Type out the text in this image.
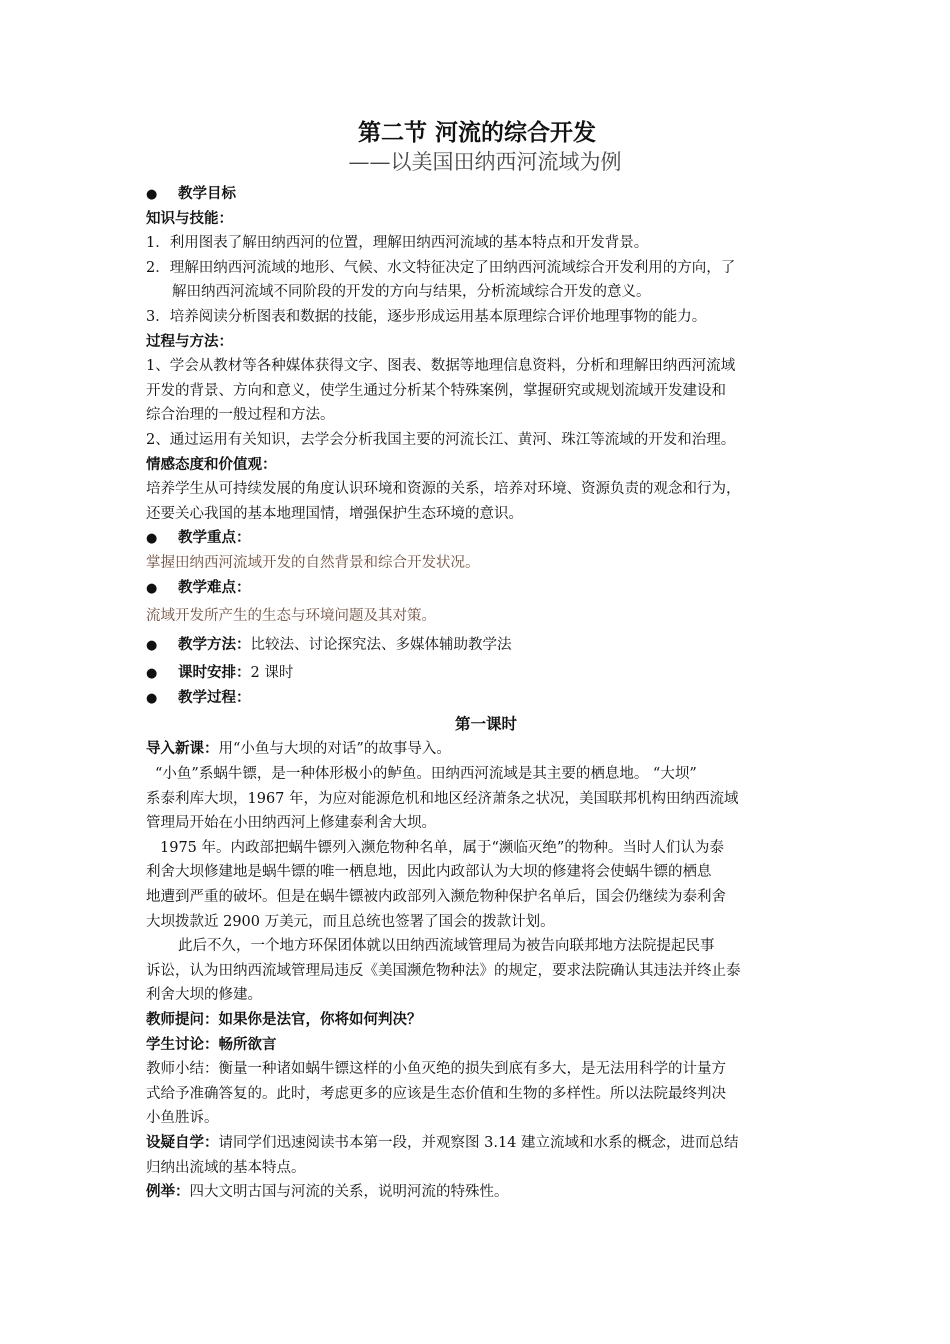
第二节 河流的综合开发
——以美国田纳西河流域为例
● 教学目标
知识与技能：
1．利用图表了解田纳西河的位置，理解田纳西河流域的基本特点和开发背景。
2．理解田纳西河流域的地形、气候、水文特征决定了田纳西河流域综合开发利用的方向，了
解田纳西河流域不同阶段的开发的方向与结果，分析流域综合开发的意义。
3．培养阅读分析图表和数据的技能，逐步形成运用基本原理综合评价地理事物的能力。
过程与方法：
1、学会从教材等各种媒体获得文字、图表、数据等地理信息资料，分析和理解田纳西河流域
开发的背景、方向和意义，使学生通过分析某个特殊案例，掌握研究或规划流域开发建设和
综合治理的一般过程和方法。
2、通过运用有关知识，去学会分析我国主要的河流长江、黄河、珠江等流域的开发和治理。
情感态度和价值观：
培养学生从可持续发展的角度认识环境和资源的关系，培养对环境、资源负责的观念和行为，
还要关心我国的基本地理国情，增强保护生态环境的意识。
● 教学重点：
掌握田纳西河流域开发的自然背景和综合开发状况。
● 教学难点：
流域开发所产生的生态与环境问题及其对策。
● 教学方法：比较法、讨论探究法、多媒体辅助教学法
● 课时安排：2 课时
● 教学过程：
第一课时
导入新课：用“小鱼与大坝的对话”的故事导入。
“小鱼”系蜗牛镖，是一种体形极小的鲈鱼。田纳西河流域是其主要的栖息地。 “大坝”
系泰利库大坝，1967 年，为应对能源危机和地区经济萧条之状况，美国联邦机构田纳西流域
管理局开始在小田纳西河上修建泰利舍大坝。
1975 年。内政部把蜗牛镖列入濒危物种名单，属于“濒临灭绝”的物种。当时人们认为泰
利舍大坝修建地是蜗牛镖的唯一栖息地，因此内政部认为大坝的修建将会使蜗牛镖的栖息
地遭到严重的破坏。但是在蜗牛镖被内政部列入濒危物种保护名单后，国会仍继续为泰利舍
大坝拨款近 2900 万美元，而且总统也签署了国会的拨款计划。
此后不久，一个地方环保团体就以田纳西流域管理局为被告向联邦地方法院提起民事
诉讼，认为田纳西流域管理局违反《美国濒危物种法》的规定，要求法院确认其违法并终止泰
利舍大坝的修建。
教师提问：如果你是法官，你将如何判决？
学生讨论：畅所欲言
教师小结：衡量一种诸如蜗牛镖这样的小鱼灭绝的损失到底有多大，是无法用科学的计量方
式给予准确答复的。此时，考虑更多的应该是生态价值和生物的多样性。所以法院最终判决
小鱼胜诉。
设疑自学：请同学们迅速阅读书本第一段，并观察图 3.14 建立流域和水系的概念，进而总结
归纳出流域的基本特点。
例举：四大文明古国与河流的关系，说明河流的特殊性。
